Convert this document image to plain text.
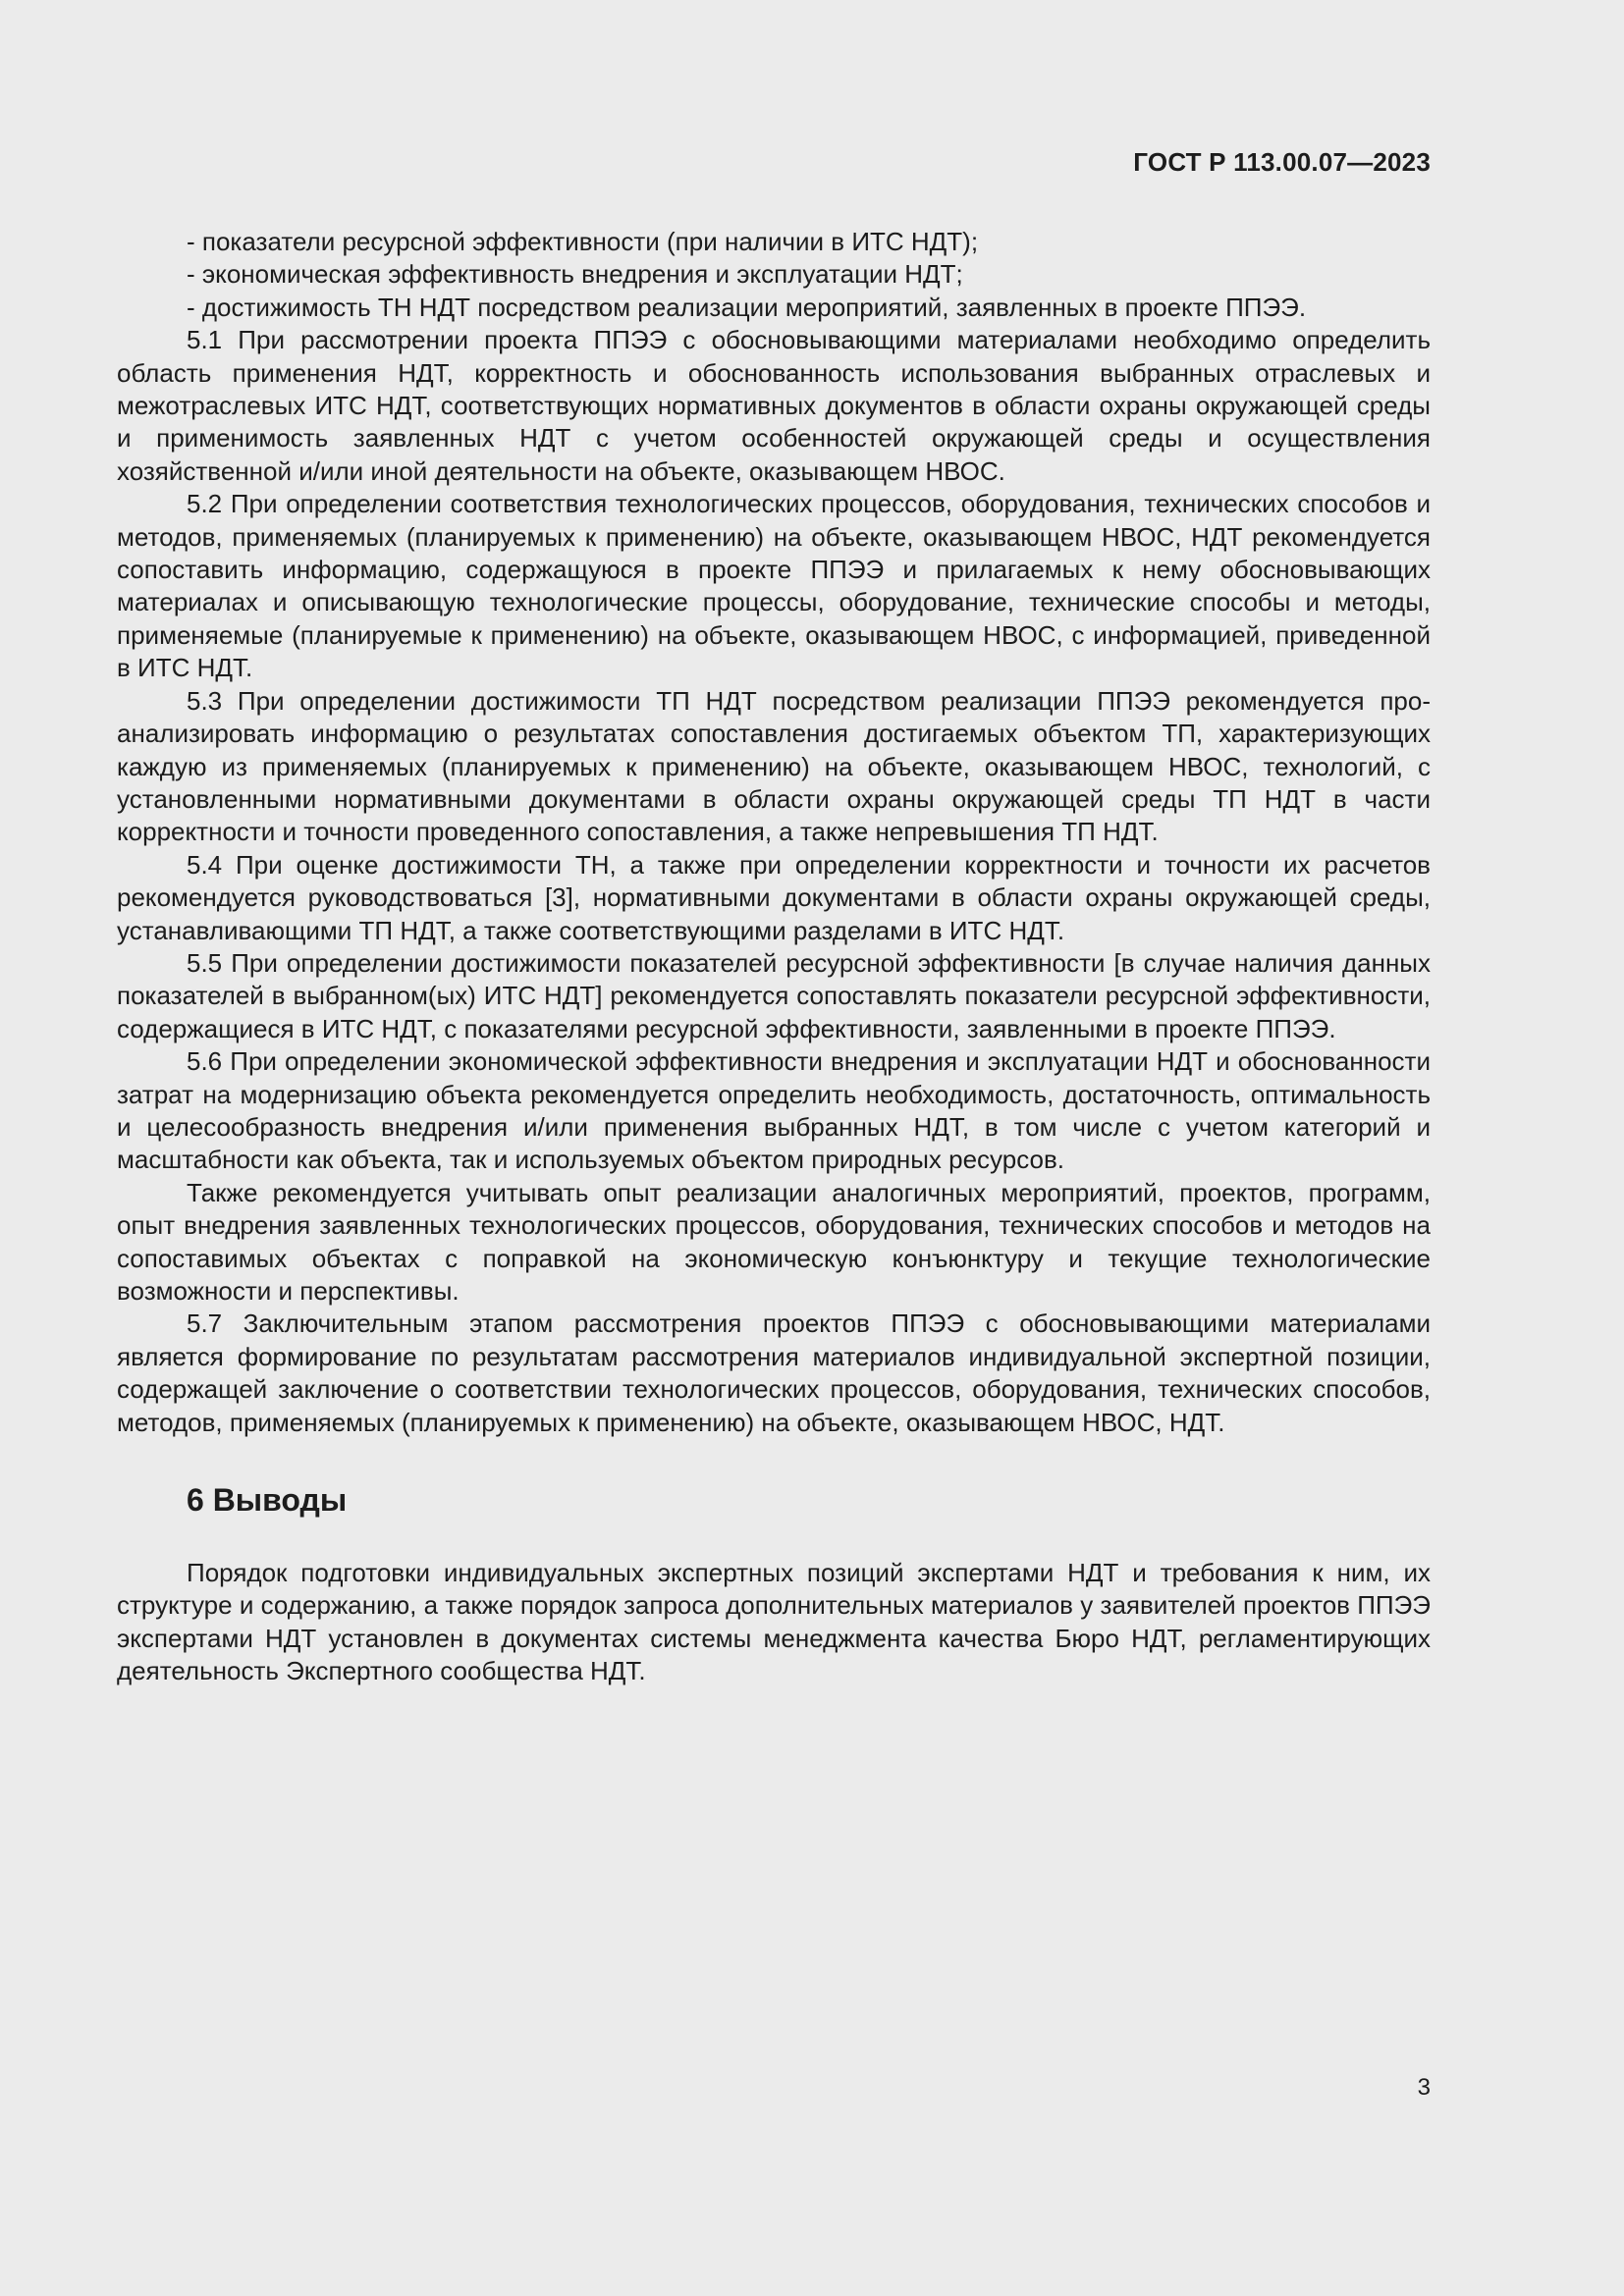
ГОСТ Р 113.00.07—2023

- показатели ресурсной эффективности (при наличии в ИТС НДТ);

- экономическая эффективность внедрения и эксплуатации НДТ;

- достижимость ТН НДТ посредством реализации мероприятий, заявленных в проекте ППЭЭ.

5.1 При рассмотрении проекта ППЭЭ с обосновывающими материалами необходимо определить область применения НДТ, корректность и обоснованность использования выбранных отраслевых и межотраслевых ИТС НДТ, соответствующих нормативных документов в области охраны окружающей среды и применимость заявленных НДТ с учетом особенностей окружающей среды и осуществления хозяйственной и/или иной деятельности на объекте, оказывающем НВОС.

5.2 При определении соответствия технологических процессов, оборудования, технических способов и методов, применяемых (планируемых к применению) на объекте, оказывающем НВОС, НДТ рекомендуется сопоставить информацию, содержащуюся в проекте ППЭЭ и прилагаемых к нему обосновывающих материалах и описывающую технологические процессы, оборудование, технические способы и методы, применяемые (планируемые к применению) на объекте, оказывающем НВОС, с информацией, приведенной в ИТС НДТ.

5.3 При определении достижимости ТП НДТ посредством реализации ППЭЭ рекомендуется проанализировать информацию о результатах сопоставления достигаемых объектом ТП, характеризующих каждую из применяемых (планируемых к применению) на объекте, оказывающем НВОС, технологий, с установленными нормативными документами в области охраны окружающей среды ТП НДТ в части корректности и точности проведенного сопоставления, а также непревышения ТП НДТ.

5.4 При оценке достижимости ТН, а также при определении корректности и точности их расчетов рекомендуется руководствоваться [3], нормативными документами в области охраны окружающей среды, устанавливающими ТП НДТ, а также соответствующими разделами в ИТС НДТ.

5.5 При определении достижимости показателей ресурсной эффективности [в случае наличия данных показателей в выбранном(ых) ИТС НДТ] рекомендуется сопоставлять показатели ресурсной эффективности, содержащиеся в ИТС НДТ, с показателями ресурсной эффективности, заявленными в проекте ППЭЭ.

5.6 При определении экономической эффективности внедрения и эксплуатации НДТ и обоснованности затрат на модернизацию объекта рекомендуется определить необходимость, достаточность, оптимальность и целесообразность внедрения и/или применения выбранных НДТ, в том числе с учетом категорий и масштабности как объекта, так и используемых объектом природных ресурсов.

Также рекомендуется учитывать опыт реализации аналогичных мероприятий, проектов, программ, опыт внедрения заявленных технологических процессов, оборудования, технических способов и методов на сопоставимых объектах с поправкой на экономическую конъюнктуру и текущие технологические возможности и перспективы.

5.7 Заключительным этапом рассмотрения проектов ППЭЭ с обосновывающими материалами является формирование по результатам рассмотрения материалов индивидуальной экспертной позиции, содержащей заключение о соответствии технологических процессов, оборудования, технических способов, методов, применяемых (планируемых к применению) на объекте, оказывающем НВОС, НДТ.

6 Выводы

Порядок подготовки индивидуальных экспертных позиций экспертами НДТ и требования к ним, их структуре и содержанию, а также порядок запроса дополнительных материалов у заявителей проектов ППЭЭ экспертами НДТ установлен в документах системы менеджмента качества Бюро НДТ, регламентирующих деятельность Экспертного сообщества НДТ.

3
